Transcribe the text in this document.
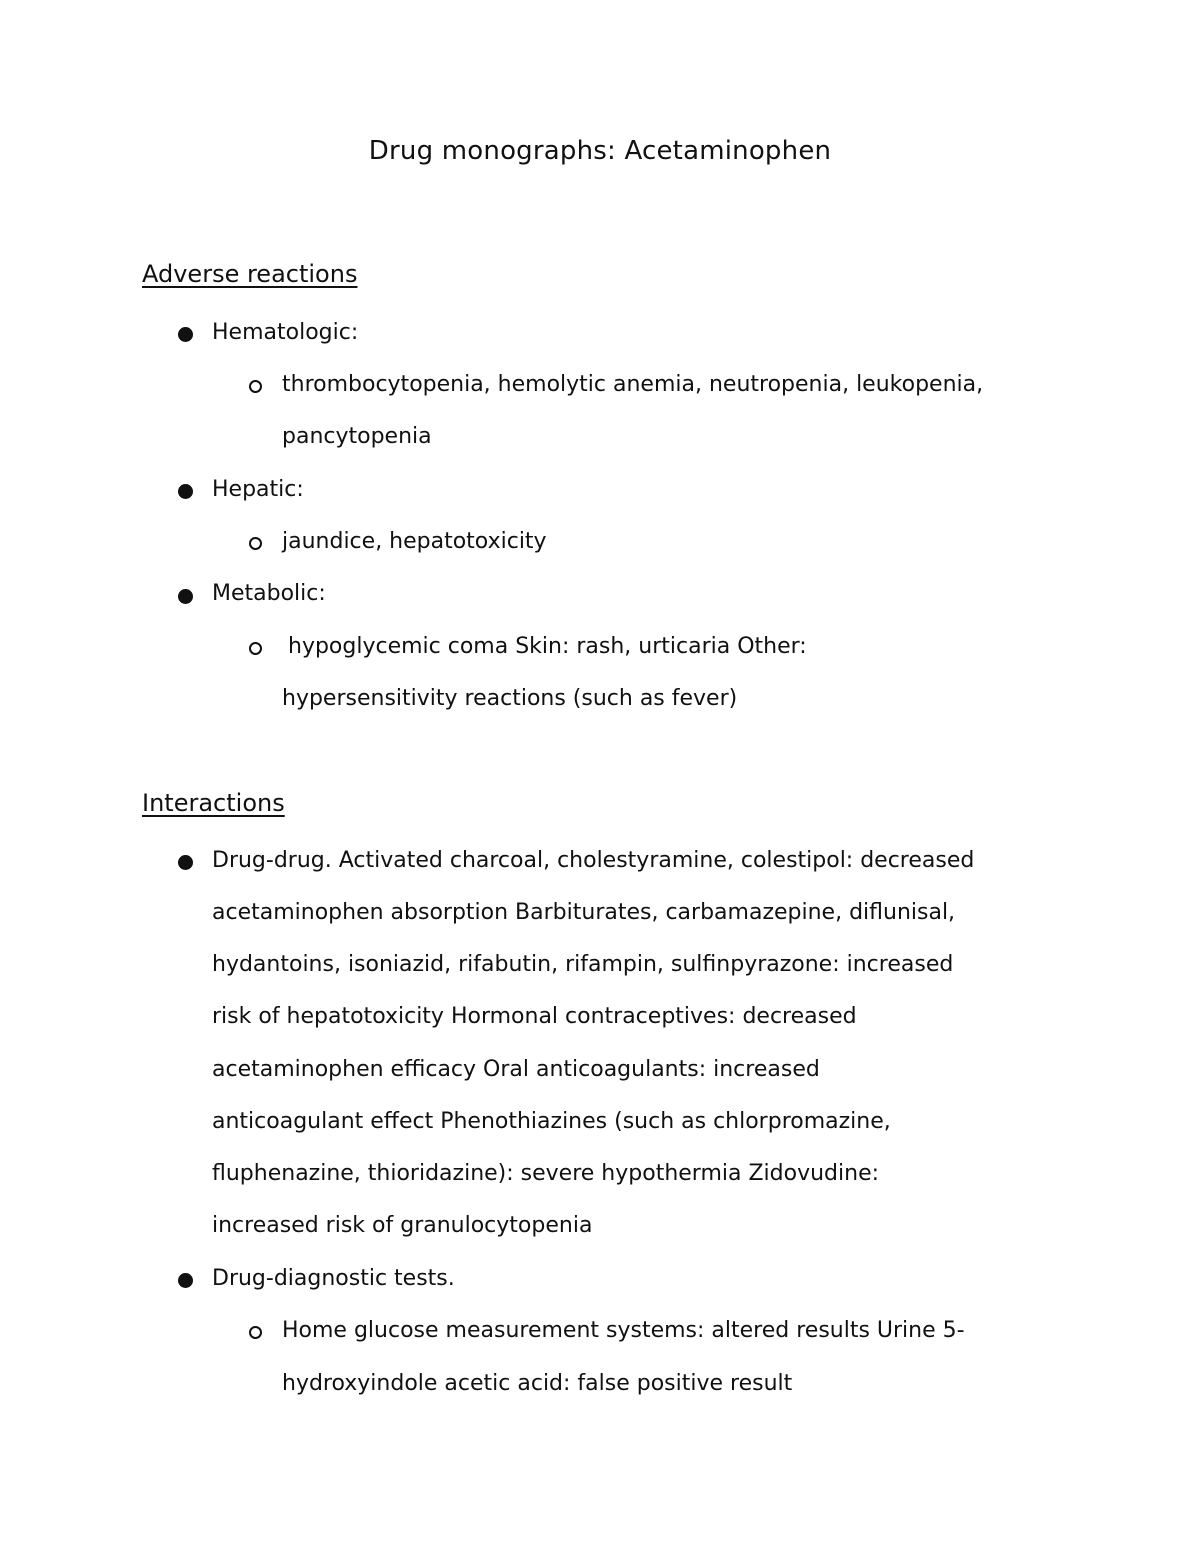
Drug monographs: Acetaminophen
Adverse reactions
Hematologic:
thrombocytopenia, hemolytic anemia, neutropenia, leukopenia,
pancytopenia
Hepatic:
jaundice, hepatotoxicity
Metabolic:
hypoglycemic coma Skin: rash, urticaria Other:
hypersensitivity reactions (such as fever)
Interactions
Drug-drug. Activated charcoal, cholestyramine, colestipol: decreased
acetaminophen absorption Barbiturates, carbamazepine, diflunisal,
hydantoins, isoniazid, rifabutin, rifampin, sulfinpyrazone: increased
risk of hepatotoxicity Hormonal contraceptives: decreased
acetaminophen efficacy Oral anticoagulants: increased
anticoagulant effect Phenothiazines (such as chlorpromazine,
fluphenazine, thioridazine): severe hypothermia Zidovudine:
increased risk of granulocytopenia
Drug-diagnostic tests.
Home glucose measurement systems: altered results Urine 5-
hydroxyindole acetic acid: false positive result
